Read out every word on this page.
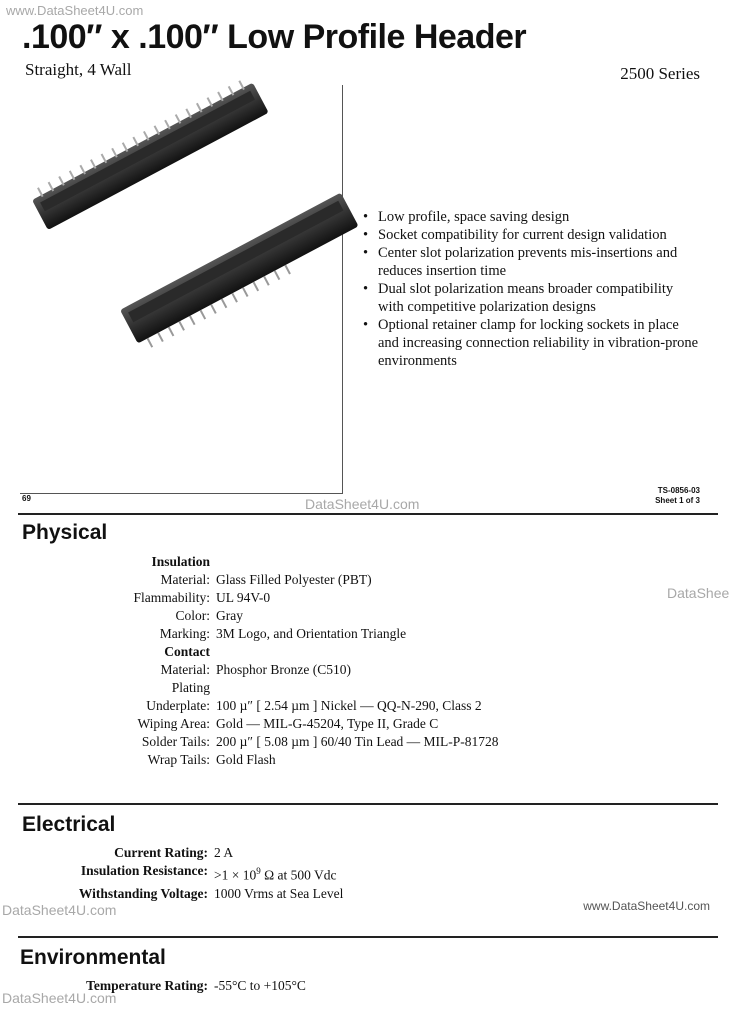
www.DataSheet4U.com
.100″ x .100″ Low Profile Header
Straight, 4 Wall	2500 Series
69
TS-0856-03
Sheet 1 of 3
• Low profile, space saving design
• Socket compatibility for current design validation
• Center slot polarization prevents mis-insertions and reduces insertion time
• Dual slot polarization means broader compatibility with competitive polarization designs
• Optional retainer clamp for locking sockets in place and increasing connection reliability in vibration-prone environments
DataSheet4U.com
Physical
DataShee
Insulation
Material: Glass Filled Polyester (PBT)
Flammability: UL 94V-0
Color: Gray
Marking: 3M Logo, and Orientation Triangle
Contact
Material: Phosphor Bronze (C510)
Plating
Underplate: 100 µ″ [ 2.54 µm ] Nickel — QQ-N-290, Class 2
Wiping Area: Gold — MIL-G-45204, Type II, Grade C
Solder Tails: 200 µ″ [ 5.08 µm ] 60/40 Tin Lead — MIL-P-81728
Wrap Tails: Gold Flash
Electrical
Current Rating: 2 A
Insulation Resistance: $>1 \times 10^9$ Ω at 500 Vdc
Withstanding Voltage: 1000 Vrms at Sea Level
DataSheet4U.com	www.DataSheet4U.com
Environmental
Temperature Rating: -55°C to +105°C
DataSheet4U.com
